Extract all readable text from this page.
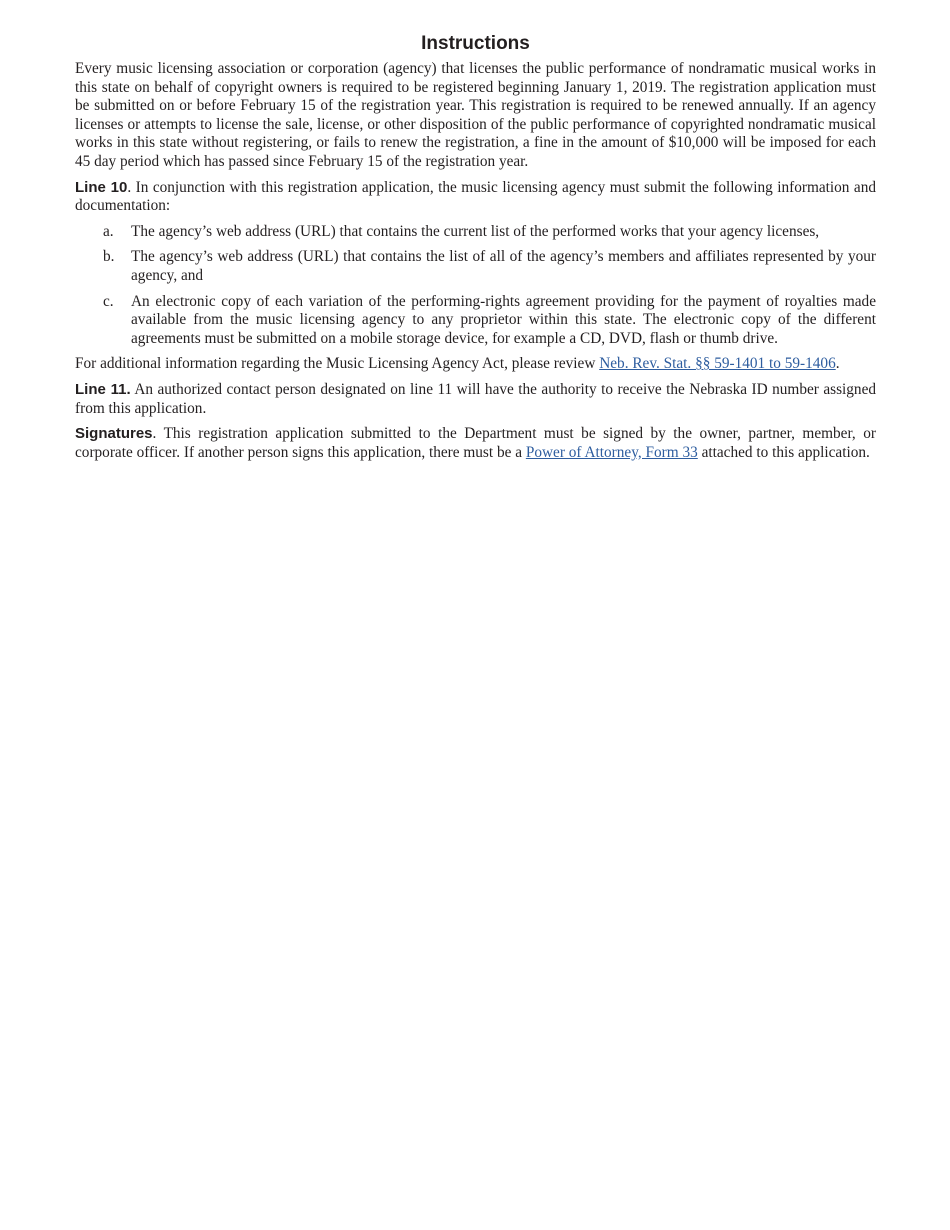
Instructions

Every music licensing association or corporation (agency) that licenses the public performance of nondramatic musical works in this state on behalf of copyright owners is required to be registered beginning January 1, 2019. The registration application must be submitted on or before February 15 of the registration year. This registration is required to be renewed annually. If an agency licenses or attempts to license the sale, license, or other disposition of the public performance of copyrighted nondramatic musical works in this state without registering, or fails to renew the registration, a fine in the amount of $10,000 will be imposed for each 45 day period which has passed since February 15 of the registration year.

Line 10. In conjunction with this registration application, the music licensing agency must submit the following information and documentation:

a. The agency’s web address (URL) that contains the current list of the performed works that your agency licenses,
b. The agency’s web address (URL) that contains the list of all of the agency’s members and affiliates represented by your agency, and
c. An electronic copy of each variation of the performing-rights agreement providing for the payment of royalties made available from the music licensing agency to any proprietor within this state. The electronic copy of the different agreements must be submitted on a mobile storage device, for example a CD, DVD, flash or thumb drive.

For additional information regarding the Music Licensing Agency Act, please review Neb. Rev. Stat. §§ 59-1401 to 59-1406.

Line 11. An authorized contact person designated on line 11 will have the authority to receive the Nebraska ID number assigned from this application.

Signatures. This registration application submitted to the Department must be signed by the owner, partner, member, or corporate officer. If another person signs this application, there must be a Power of Attorney, Form 33 attached to this application.
